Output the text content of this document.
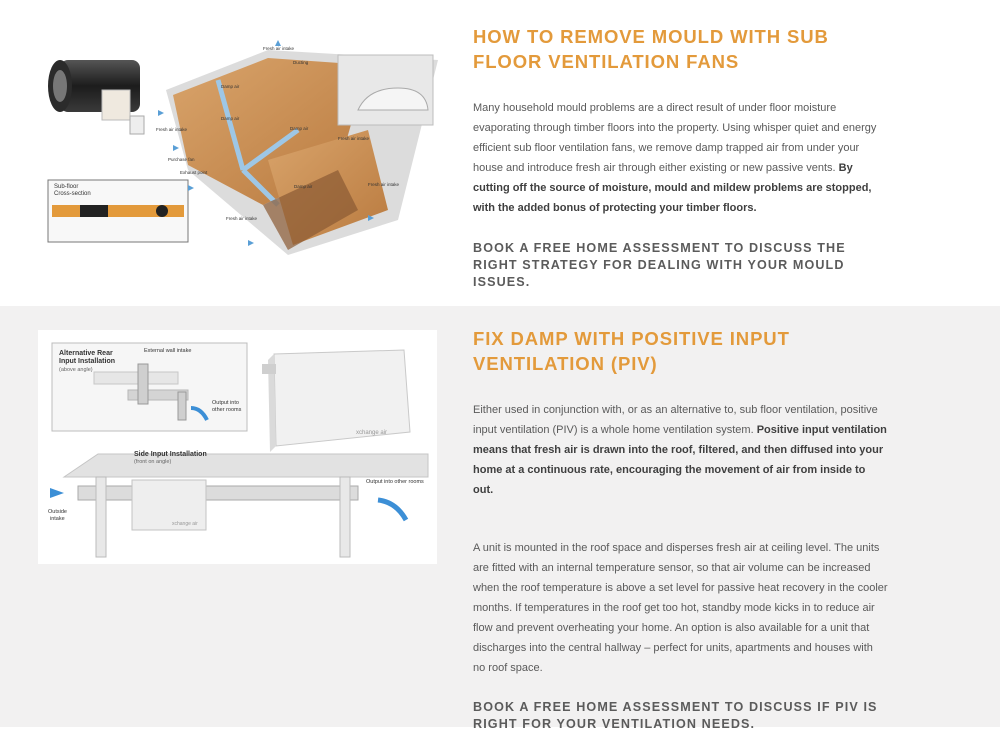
Sub-floor
Cross-section
Fresh air intake
Ducting
Damp air
Damp air
Damp air
Damp air
Fresh air intake
Purchase fan
Exhaust point
Fresh air intake
Fresh air intake
Fresh air intake
HOW TO REMOVE MOULD WITH SUB FLOOR VENTILATION FANS

Many household mould problems are a direct result of under floor moisture evaporating through timber floors into the property. Using whisper quiet and energy efficient sub floor ventilation fans, we remove damp trapped air from under your house and introduce fresh air through either existing or new passive vents. By cutting off the source of moisture, mould and mildew problems are stopped, with the added bonus of protecting your timber floors.

BOOK A FREE HOME ASSESSMENT TO DISCUSS THE RIGHT STRATEGY FOR DEALING WITH YOUR MOULD ISSUES.
Alternative Rear
Input Installation
(above angle)
External wall intake
Output into
other rooms
xchange air
xchange air
Side Input Installation
(front on angle)
Output into other rooms
Outside
intake
FIX DAMP WITH POSITIVE INPUT VENTILATION (PIV)

Either used in conjunction with, or as an alternative to, sub floor ventilation, positive input ventilation (PIV) is a whole home ventilation system. Positive input ventilation means that fresh air is drawn into the roof, filtered, and then diffused into your home at a continuous rate, encouraging the movement of air from inside to out.

A unit is mounted in the roof space and disperses fresh air at ceiling level. The units are fitted with an internal temperature sensor, so that air volume can be increased when the roof temperature is above a set level for passive heat recovery in the cooler months. If temperatures in the roof get too hot, standby mode kicks in to reduce air flow and prevent overheating your home. An option is also available for a unit that discharges into the central hallway – perfect for units, apartments and houses with no roof space.

BOOK A FREE HOME ASSESSMENT TO DISCUSS IF PIV IS RIGHT FOR YOUR VENTILATION NEEDS.
